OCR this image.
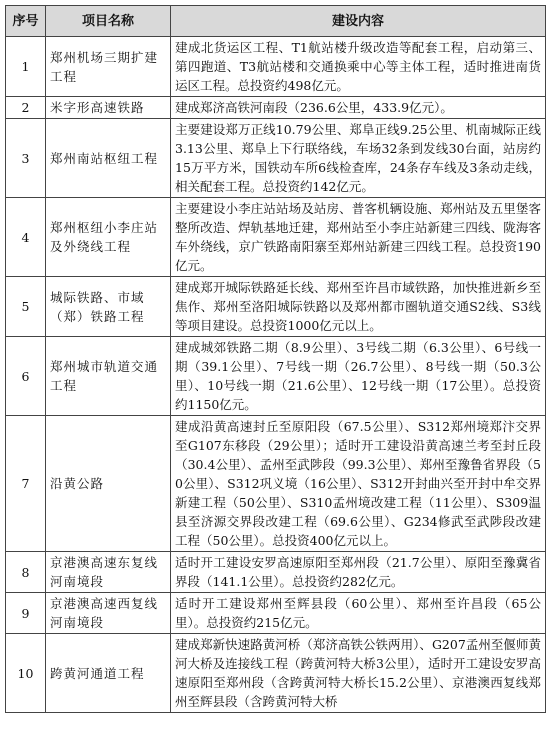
序号	项目名称	建设内容
1	郑州机场三期扩建工程	建成北货运区工程、T1航站楼升级改造等配套工程，启动第三、第四跑道、T3航站楼和交通换乘中心等主体工程，适时推进南货运区工程。总投资约498亿元。
2	米字形高速铁路	建成郑济高铁河南段（236.6公里，433.9亿元）。
3	郑州南站枢纽工程	主要建设郑万正线10.79公里、郑阜正线9.25公里、机南城际正线3.13公里、郑阜上下行联络线，车场32条到发线30台面，站房约15万平方米，国铁动车所6线检查库，24条存车线及3条动走线，相关配套工程。总投资约142亿元。
4	郑州枢纽小李庄站及外绕线工程	主要建设小李庄站站场及站房、普客机辆设施、郑州站及五里堡客整所改造、焊轨基地迁建，郑州站至小李庄站新建三四线、陇海客车外绕线，京广铁路南阳寨至郑州站新建三四线工程。总投资190亿元。
5	城际铁路、市域（郑）铁路工程	建成郑开城际铁路延长线、郑州至许昌市域铁路，加快推进新乡至焦作、郑州至洛阳城际铁路以及郑州都市圈轨道交通S2线、S3线等项目建设。总投资1000亿元以上。
6	郑州城市轨道交通工程	建成城郊铁路二期（8.9公里）、3号线二期（6.3公里）、6号线一期（39.1公里）、7号线一期（26.7公里）、8号线一期（50.3公里）、10号线一期（21.6公里）、12号线一期（17公里）。总投资约1150亿元。
7	沿黄公路	建成沿黄高速封丘至原阳段（67.5公里）、S312郑州境郑汴交界至G107东移段（29公里）；适时开工建设沿黄高速兰考至封丘段（30.4公里）、孟州至武陟段（99.3公里）、郑州至豫鲁省界段（50公里）、S312巩义境（16公里）、S312开封曲兴至开封中牟交界新建工程（50公里）、S310孟州境改建工程（11公里）、S309温县至济源交界段改建工程（69.6公里）、G234修武至武陟段改建工程（50公里）。总投资400亿元以上。
8	京港澳高速东复线河南境段	适时开工建设安罗高速原阳至郑州段（21.7公里）、原阳至豫冀省界段（141.1公里）。总投资约282亿元。
9	京港澳高速西复线河南境段	适时开工建设郑州至辉县段（60公里）、郑州至许昌段（65公里）。总投资约215亿元。
10	跨黄河通道工程	建成郑新快速路黄河桥（郑济高铁公铁两用）、G207孟州至偃师黄河大桥及连接线工程（跨黄河特大桥3公里），适时开工建设安罗高速原阳至郑州段（含跨黄河特大桥长15.2公里）、京港澳西复线郑州至辉县段（含跨黄河特大桥
